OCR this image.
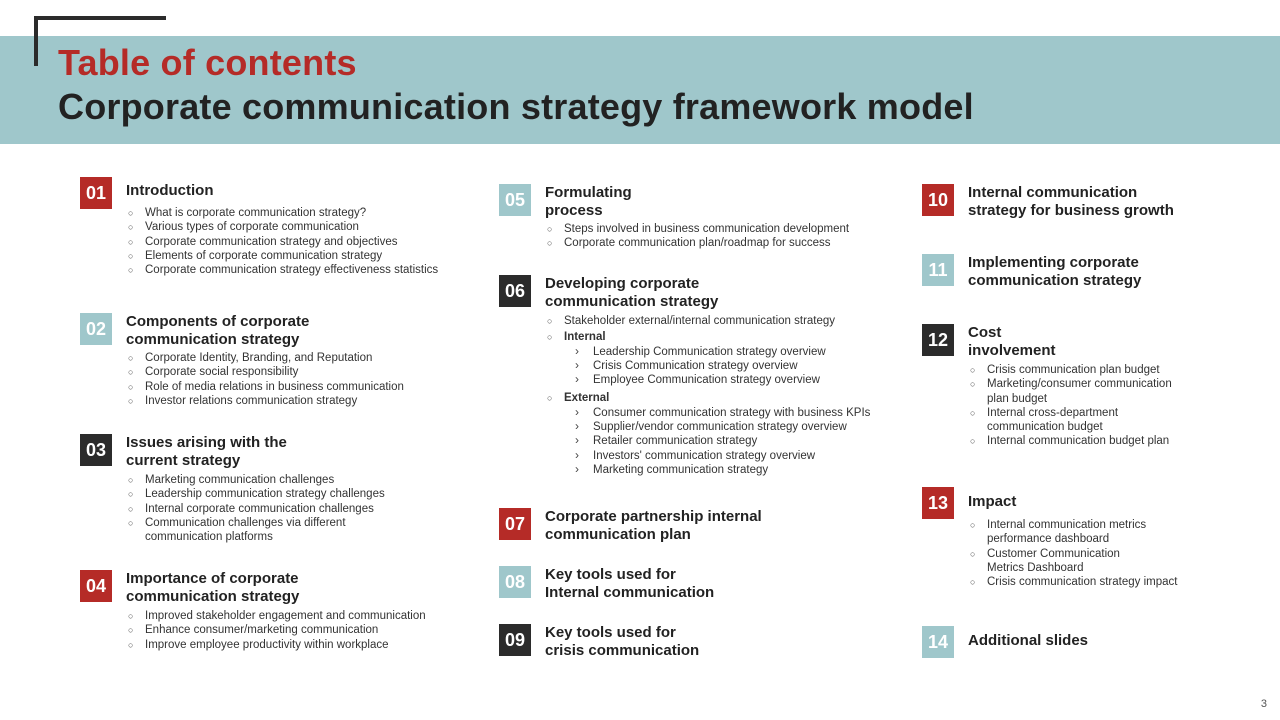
Table of contents
Corporate communication strategy framework model
01	Introduction
○ What is corporate communication strategy?
○ Various types of corporate communication
○ Corporate communication strategy and objectives
○ Elements of corporate communication strategy
○ Corporate communication strategy effectiveness statistics
02	Components of corporate
communication strategy
○ Corporate Identity, Branding, and Reputation
○ Corporate social responsibility
○ Role of media relations in business communication
○ Investor relations communication strategy
03	Issues arising with the
current strategy
○ Marketing communication challenges
○ Leadership communication strategy challenges
○ Internal corporate communication challenges
○ Communication challenges via different
communication platforms
04	Importance of corporate
communication strategy
○ Improved stakeholder engagement and communication
○ Enhance consumer/marketing communication
○ Improve employee productivity within workplace
05	Formulating
process
○ Steps involved in business communication development
○ Corporate communication plan/roadmap for success
06	Developing corporate
communication strategy
○ Stakeholder external/internal communication strategy
○ Internal
› Leadership Communication strategy overview
› Crisis Communication strategy overview
› Employee Communication strategy overview
○ External
› Consumer communication strategy with business KPIs
› Supplier/vendor communication strategy overview
› Retailer communication strategy
› Investors' communication strategy overview
› Marketing communication strategy
07	Corporate partnership internal
communication plan
08	Key tools used for
Internal communication
09	Key tools used for
crisis communication
10	Internal communication
strategy for business growth
11	Implementing corporate
communication strategy
12	Cost
involvement
○ Crisis communication plan budget
○ Marketing/consumer communication
plan budget
○ Internal cross-department
communication budget
○ Internal communication budget plan
13	Impact
○ Internal communication metrics
performance dashboard
○ Customer Communication
Metrics Dashboard
○ Crisis communication strategy impact
14	Additional slides
3
